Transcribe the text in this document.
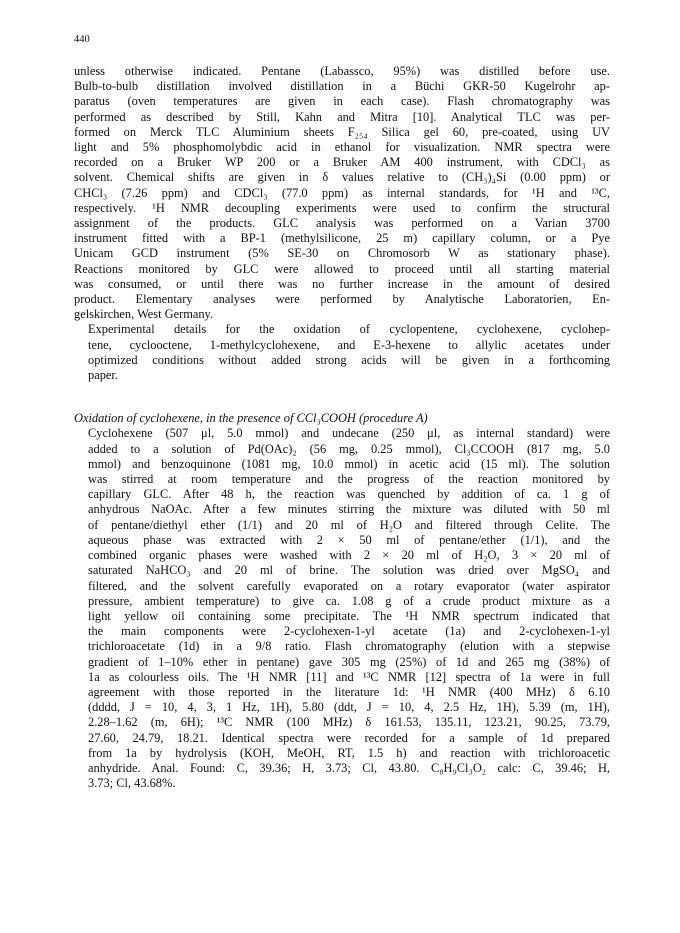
440

unless otherwise indicated. Pentane (Labassco, 95%) was distilled before use.
Bulb-to-bulb distillation involved distillation in a Büchi GKR-50 Kugelrohr ap-
paratus (oven temperatures are given in each case). Flash chromatography was
performed as described by Still, Kahn and Mitra [10]. Analytical TLC was per-
formed on Merck TLC Aluminium sheets F₂₅₄ Silica gel 60, pre-coated, using UV
light and 5% phosphomolybdic acid in ethanol for visualization. NMR spectra were
recorded on a Bruker WP 200 or a Bruker AM 400 instrument, with CDCl₃ as
solvent. Chemical shifts are given in δ values relative to (CH₃)₄Si (0.00 ppm) or
CHCl₃ (7.26 ppm) and CDCl₃ (77.0 ppm) as internal standards, for ¹H and ¹³C,
respectively. ¹H NMR decoupling experiments were used to confirm the structural
assignment of the products. GLC analysis was performed on a Varian 3700
instrument fitted with a BP-1 (methylsilicone, 25 m) capillary column, or a Pye
Unicam GCD instrument (5% SE-30 on Chromosorb W as stationary phase).
Reactions monitored by GLC were allowed to proceed until all starting material
was consumed, or until there was no further increase in the amount of desired
product. Elementary analyses were performed by Analytische Laboratorien, En-
gelskirchen, West Germany.

Experimental details for the oxidation of cyclopentene, cyclohexene, cyclohep-
tene, cyclooctene, 1-methylcyclohexene, and E-3-hexene to allylic acetates under
optimized conditions without added strong acids will be given in a forthcoming
paper.

Oxidation of cyclohexene, in the presence of CCl₃COOH (procedure A)

Cyclohexene (507 μl, 5.0 mmol) and undecane (250 μl, as internal standard) were
added to a solution of Pd(OAc)₂ (56 mg, 0.25 mmol), Cl₃CCOOH (817 mg, 5.0
mmol) and benzoquinone (1081 mg, 10.0 mmol) in acetic acid (15 ml). The solution
was stirred at room temperature and the progress of the reaction monitored by
capillary GLC. After 48 h, the reaction was quenched by addition of ca. 1 g of
anhydrous NaOAc. After a few minutes stirring the mixture was diluted with 50 ml
of pentane/diethyl ether (1/1) and 20 ml of H₂O and filtered through Celite. The
aqueous phase was extracted with 2 × 50 ml of pentane/ether (1/1), and the
combined organic phases were washed with 2 × 20 ml of H₂O, 3 × 20 ml of
saturated NaHCO₃ and 20 ml of brine. The solution was dried over MgSO₄ and
filtered, and the solvent carefully evaporated on a rotary evaporator (water aspirator
pressure, ambient temperature) to give ca. 1.08 g of a crude product mixture as a
light yellow oil containing some precipitate. The ¹H NMR spectrum indicated that
the main components were 2-cyclohexen-1-yl acetate (1a) and 2-cyclohexen-1-yl
trichloroacetate (1d) in a 9/8 ratio. Flash chromatography (elution with a stepwise
gradient of 1–10% ether in pentane) gave 305 mg (25%) of 1d and 265 mg (38%) of
1a as colourless oils. The ¹H NMR [11] and ¹³C NMR [12] spectra of 1a were in full
agreement with those reported in the literature 1d: ¹H NMR (400 MHz) δ 6.10
(dddd, J = 10, 4, 3, 1 Hz, 1H), 5.80 (ddt, J = 10, 4, 2.5 Hz, 1H), 5.39 (m, 1H),
2.28–1.62 (m, 6H); ¹³C NMR (100 MHz) δ 161.53, 135.11, 123.21, 90.25, 73.79,
27.60, 24.79, 18.21. Identical spectra were recorded for a sample of 1d prepared
from 1a by hydrolysis (KOH, MeOH, RT, 1.5 h) and reaction with trichloroacetic
anhydride. Anal. Found: C, 39.36; H, 3.73; Cl, 43.80. C₈H₉Cl₃O₂ calc: C, 39.46; H,
3.73; Cl, 43.68%.
